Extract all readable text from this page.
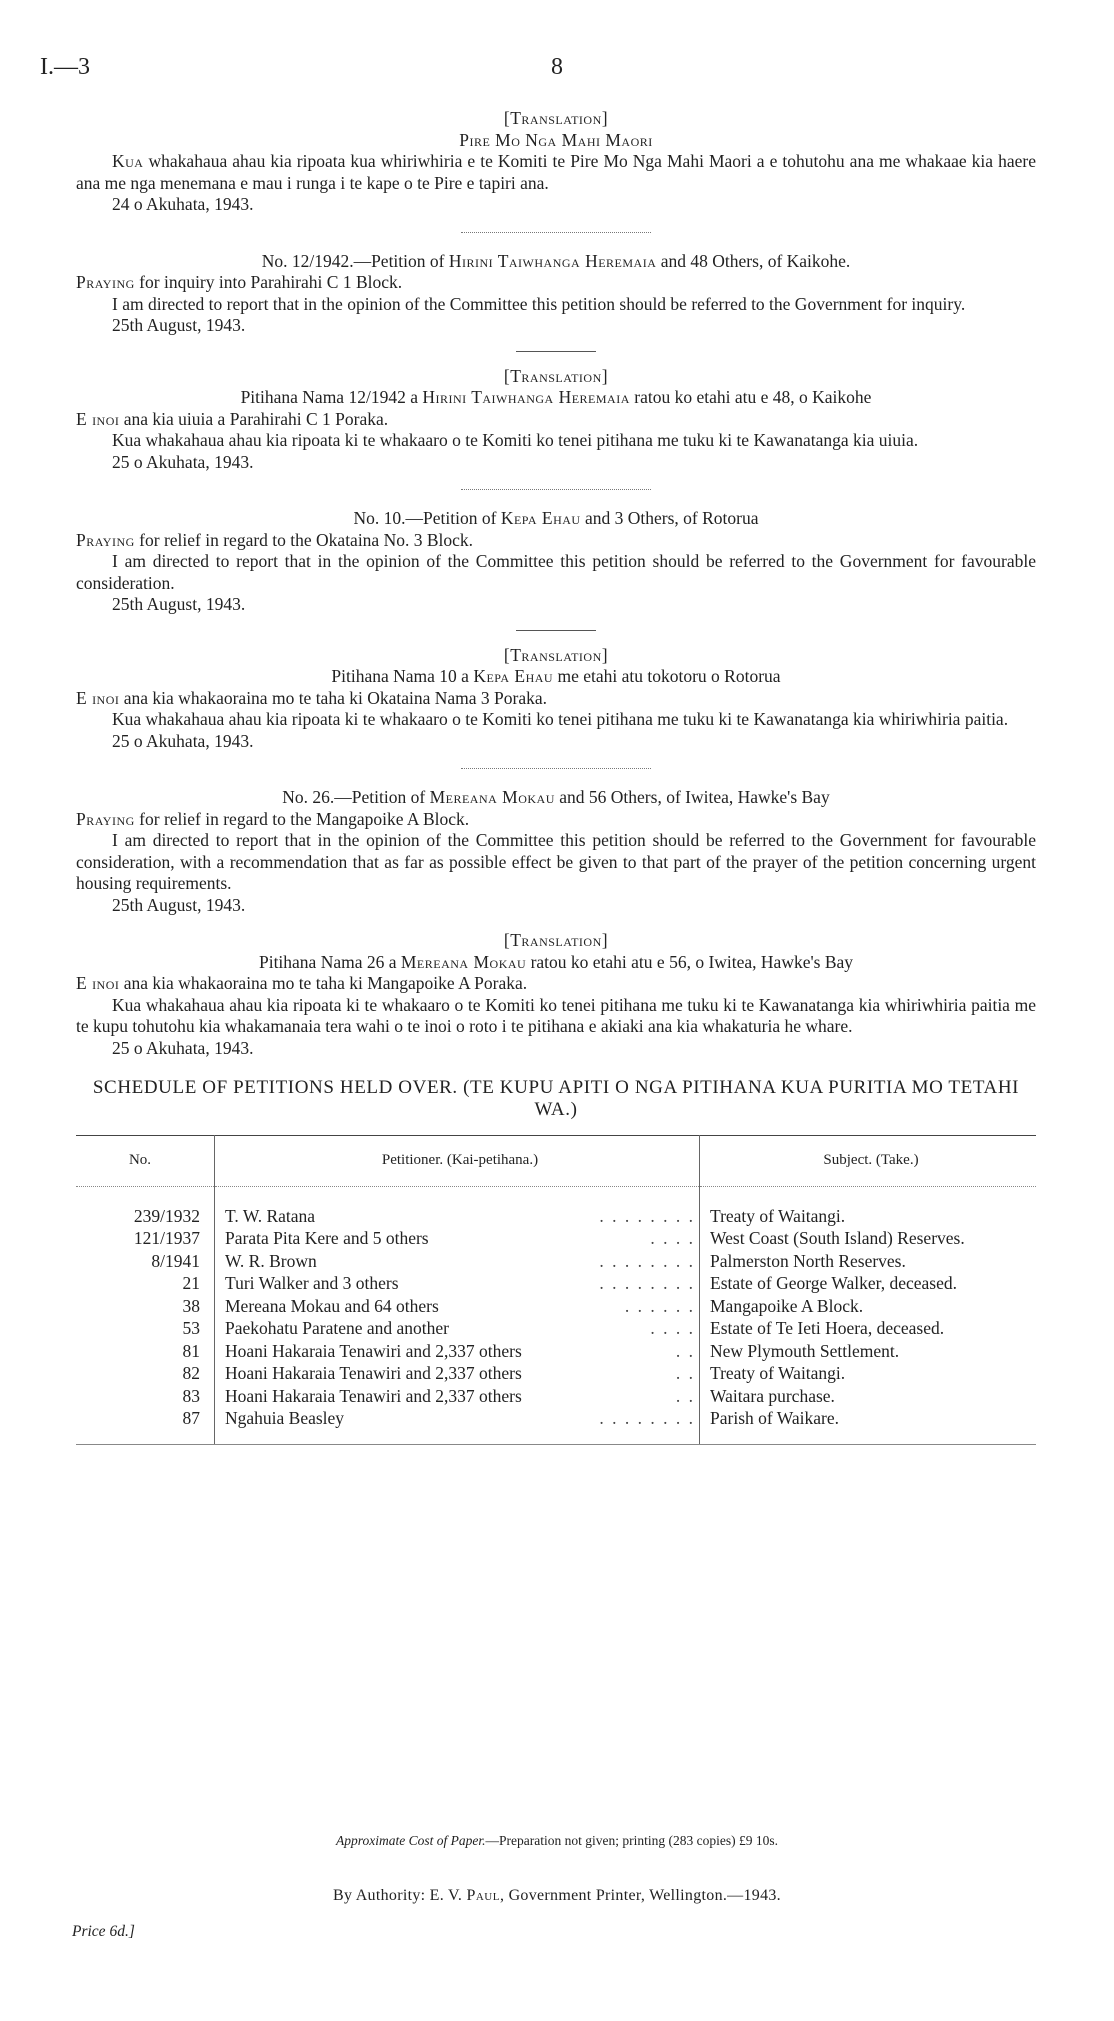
I.—3	8

[Translation]

Pire Mo Nga Mahi Maori

Kua whakahaua ahau kia ripoata kua whiriwhiria e te Komiti te Pire Mo Nga Mahi Maori a e tohutohu ana me whakaae kia haere ana me nga menemana e mau i runga i te kape o te Pire e tapiri ana.

24 o Akuhata, 1943.

No. 12/1942.—Petition of Hirini Taiwhanga Heremaia and 48 Others, of Kaikohe.

Praying for inquiry into Parahirahi C 1 Block.

I am directed to report that in the opinion of the Committee this petition should be referred to the Government for inquiry.

25th August, 1943.

[Translation]

Pitihana Nama 12/1942 a Hirini Taiwhanga Heremaia ratou ko etahi atu e 48, o Kaikohe

E inoi ana kia uiuia a Parahirahi C 1 Poraka.

Kua whakahaua ahau kia ripoata ki te whakaaro o te Komiti ko tenei pitihana me tuku ki te Kawanatanga kia uiuia.

25 o Akuhata, 1943.

No. 10.—Petition of Kepa Ehau and 3 Others, of Rotorua

Praying for relief in regard to the Okataina No. 3 Block.

I am directed to report that in the opinion of the Committee this petition should be referred to the Government for favourable consideration.

25th August, 1943.

[Translation]

Pitihana Nama 10 a Kepa Ehau me etahi atu tokotoru o Rotorua

E inoi ana kia whakaoraina mo te taha ki Okataina Nama 3 Poraka.

Kua whakahaua ahau kia ripoata ki te whakaaro o te Komiti ko tenei pitihana me tuku ki te Kawanatanga kia whiriwhiria paitia.

25 o Akuhata, 1943.

No. 26.—Petition of Mereana Mokau and 56 Others, of Iwitea, Hawke's Bay

Praying for relief in regard to the Mangapoike A Block.

I am directed to report that in the opinion of the Committee this petition should be referred to the Government for favourable consideration, with a recommendation that as far as possible effect be given to that part of the prayer of the petition concerning urgent housing requirements.

25th August, 1943.

[Translation]

Pitihana Nama 26 a Mereana Mokau ratou ko etahi atu e 56, o Iwitea, Hawke's Bay

E inoi ana kia whakaoraina mo te taha ki Mangapoike A Poraka.

Kua whakahaua ahau kia ripoata ki te whakaaro o te Komiti ko tenei pitihana me tuku ki te Kawanatanga kia whiriwhiria paitia me te kupu tohutohu kia whakamanaia tera wahi o te inoi o roto i te pitihana e akiaki ana kia whakaturia he whare.

25 o Akuhata, 1943.

SCHEDULE OF PETITIONS HELD OVER. (TE KUPU APITI O NGA PITIHANA KUA PURITIA MO TETAHI WA.)

No.	Petitioner. (Kai-petihana.)	Subject. (Take.)

239/1932	T. W. Ratana . . . . . . . .	Treaty of Waitangi.
121/1937	Parata Pita Kere and 5 others . . . .	West Coast (South Island) Reserves.
8/1941	W. R. Brown . . . . . . . .	Palmerston North Reserves.
21	Turi Walker and 3 others . . . . . . . .	Estate of George Walker, deceased.
38	Mereana Mokau and 64 others . . . . . .	Mangapoike A Block.
53	Paekohatu Paratene and another . . . .	Estate of Te Ieti Hoera, deceased.
81	Hoani Hakaraia Tenawiri and 2,337 others . .	New Plymouth Settlement.
82	Hoani Hakaraia Tenawiri and 2,337 others . .	Treaty of Waitangi.
83	Hoani Hakaraia Tenawiri and 2,337 others . .	Waitara purchase.
87	Ngahuia Beasley . . . . . . . .	Parish of Waikare.

Approximate Cost of Paper.—Preparation not given; printing (283 copies) £9 10s.
By Authority: E. V. Paul, Government Printer, Wellington.—1943.
Price 6d.]
